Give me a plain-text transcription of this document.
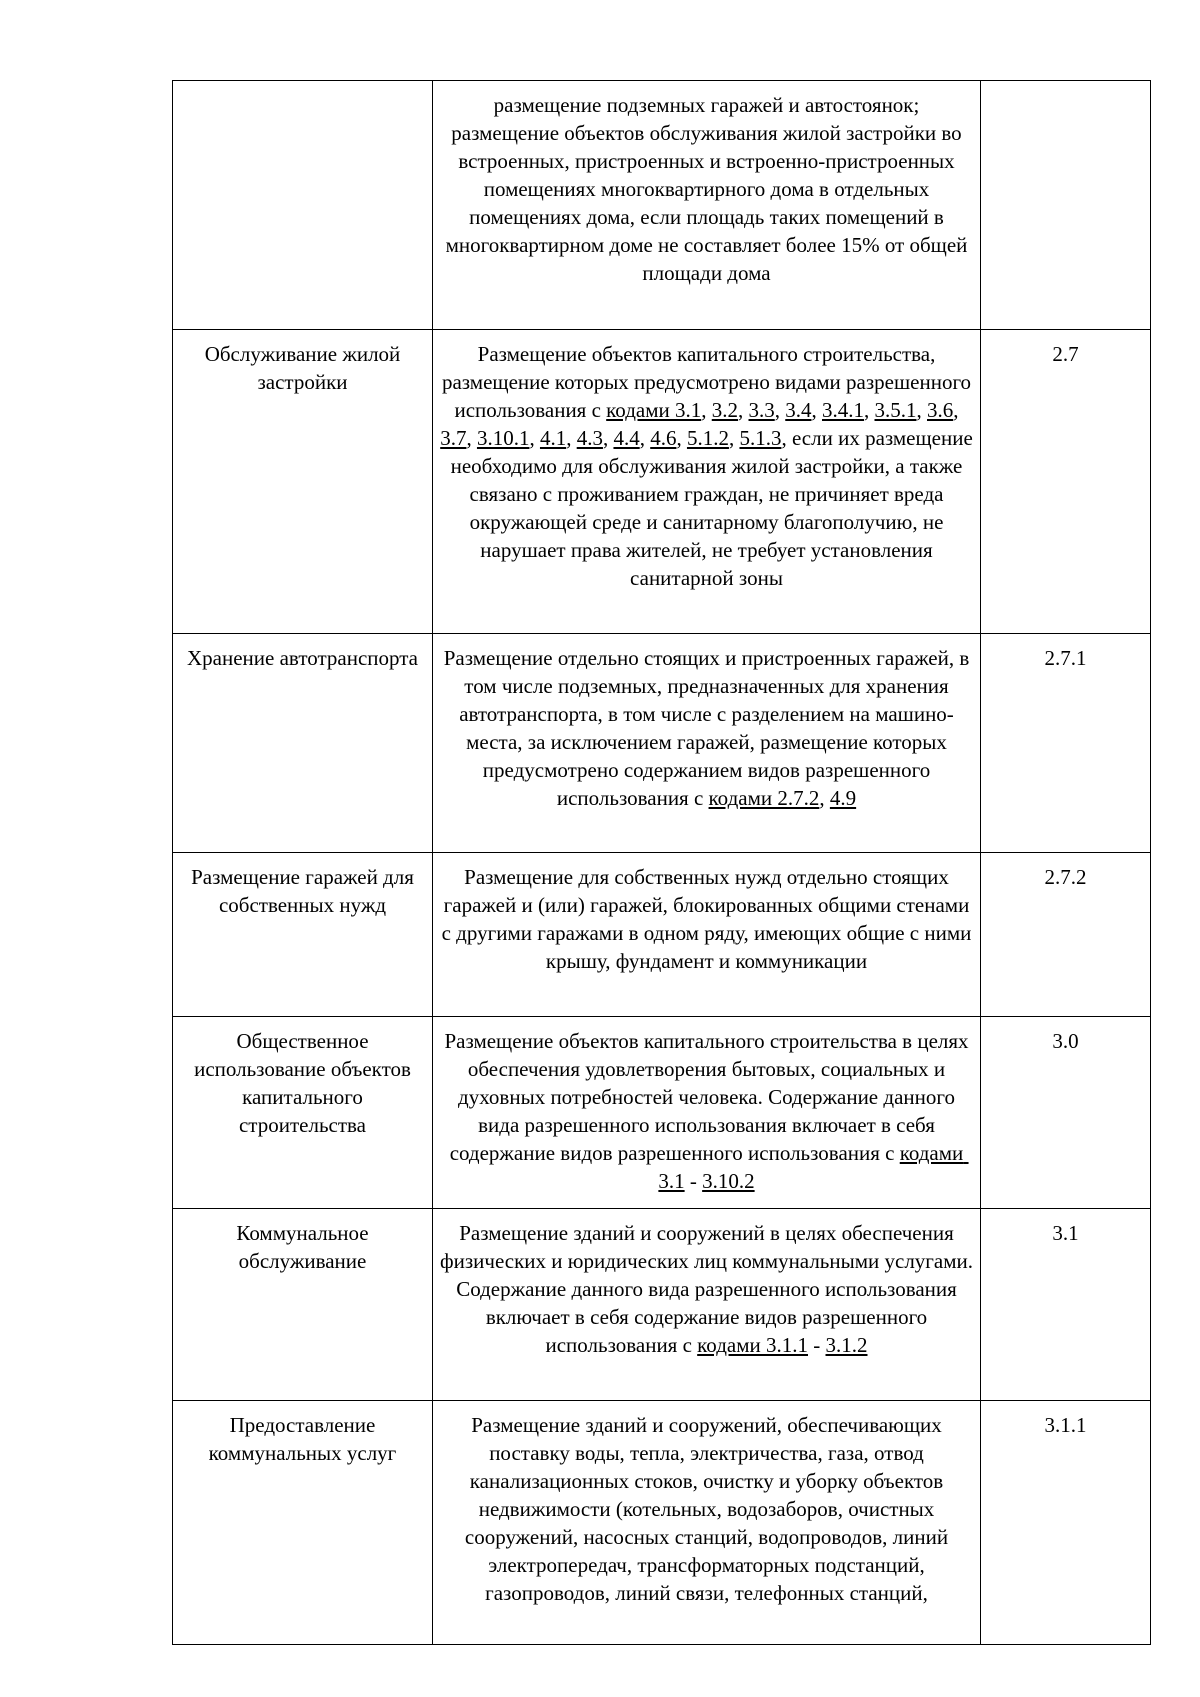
	размещение подземных гаражей и автостоянок; размещение объектов обслуживания жилой застройки во встроенных, пристроенных и встроенно-пристроенных помещениях многоквартирного дома в отдельных помещениях дома, если площадь таких помещений в многоквартирном доме не составляет более 15% от общей площади дома	
Обслуживание жилой застройки	Размещение объектов капитального строительства, размещение которых предусмотрено видами разрешенного использования с кодами 3.1, 3.2, 3.3, 3.4, 3.4.1, 3.5.1, 3.6, 3.7, 3.10.1, 4.1, 4.3, 4.4, 4.6, 5.1.2, 5.1.3, если их размещение необходимо для обслуживания жилой застройки, а также связано с проживанием граждан, не причиняет вреда окружающей среде и санитарному благополучию, не нарушает права жителей, не требует установления санитарной зоны	2.7
Хранение автотранспорта	Размещение отдельно стоящих и пристроенных гаражей, в том числе подземных, предназначенных для хранения автотранспорта, в том числе с разделением на машино-места, за исключением гаражей, размещение которых предусмотрено содержанием видов разрешенного использования с кодами 2.7.2, 4.9	2.7.1
Размещение гаражей для собственных нужд	Размещение для собственных нужд отдельно стоящих гаражей и (или) гаражей, блокированных общими стенами с другими гаражами в одном ряду, имеющих общие с ними крышу, фундамент и коммуникации	2.7.2
Общественное использование объектов капитального строительства	Размещение объектов капитального строительства в целях обеспечения удовлетворения бытовых, социальных и духовных потребностей человека. Содержание данного вида разрешенного использования включает в себя содержание видов разрешенного использования с кодами 3.1 - 3.10.2	3.0
Коммунальное обслуживание	Размещение зданий и сооружений в целях обеспечения физических и юридических лиц коммунальными услугами. Содержание данного вида разрешенного использования включает в себя содержание видов разрешенного использования с кодами 3.1.1 - 3.1.2	3.1
Предоставление коммунальных услуг	Размещение зданий и сооружений, обеспечивающих поставку воды, тепла, электричества, газа, отвод канализационных стоков, очистку и уборку объектов недвижимости (котельных, водозаборов, очистных сооружений, насосных станций, водопроводов, линий электропередач, трансформаторных подстанций, газопроводов, линий связи, телефонных станций,	3.1.1
